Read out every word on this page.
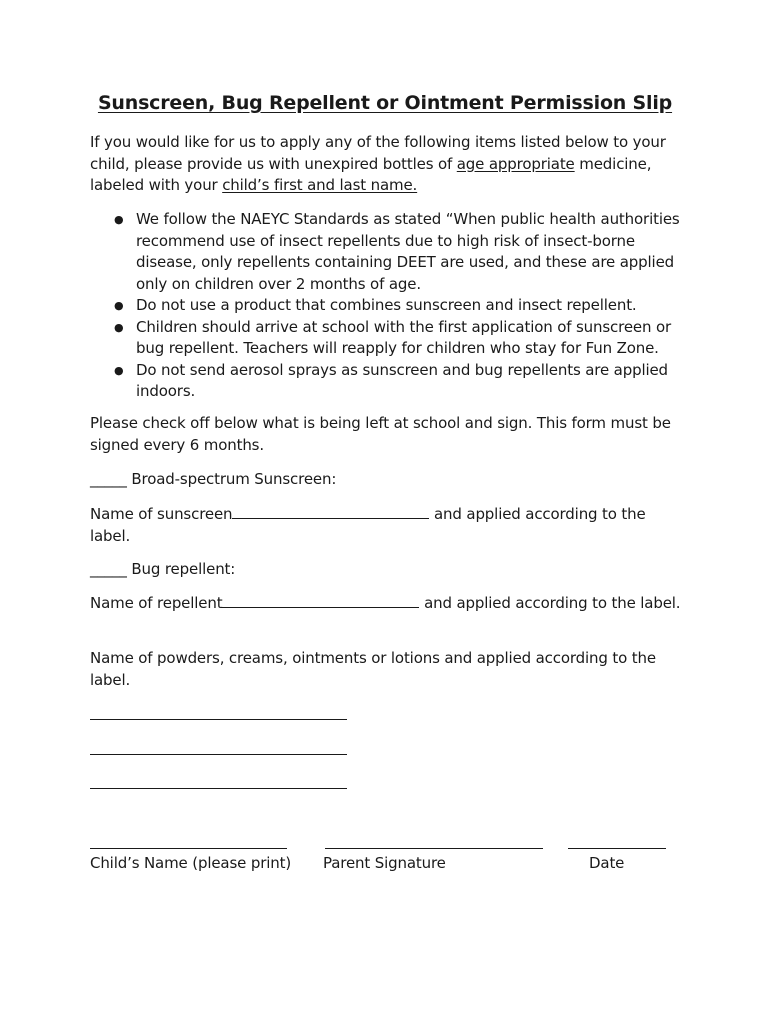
Sunscreen, Bug Repellent or Ointment Permission Slip
If you would like for us to apply any of the following items listed below to your child, please provide us with unexpired bottles of age appropriate medicine, labeled with your child’s first and last name.
● We follow the NAEYC Standards as stated “When public health authorities recommend use of insect repellents due to high risk of insect-borne disease, only repellents containing DEET are used, and these are applied only on children over 2 months of age.
● Do not use a product that combines sunscreen and insect repellent.
● Children should arrive at school with the first application of sunscreen or bug repellent. Teachers will reapply for children who stay for Fun Zone.
● Do not send aerosol sprays as sunscreen and bug repellents are applied indoors.
Please check off below what is being left at school and sign. This form must be signed every 6 months.
_____ Broad-spectrum Sunscreen:
Name of sunscreen	and applied according to the label.
_____ Bug repellent:
Name of repellent	and applied according to the label.
Name of powders, creams, ointments or lotions and applied according to the label.
Child’s Name (please print) Parent Signature	Date
